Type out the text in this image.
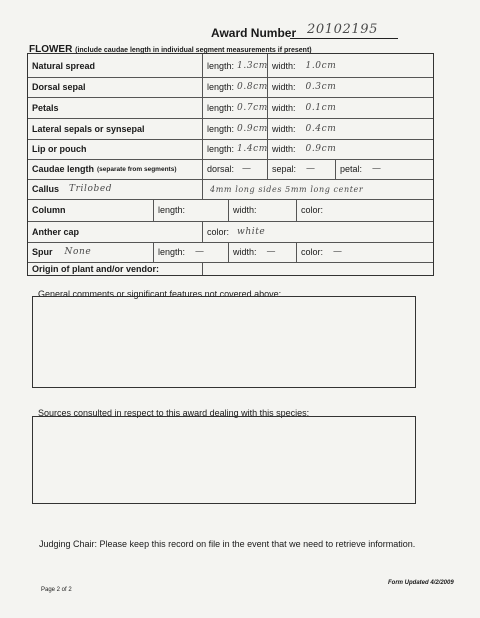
Award Number 20102195
FLOWER (include caudae length in individual segment measurements if present)
Natural spread	length: 1.3cm width: 1.0cm
Dorsal sepal	length: 0.8cm width: 0.3cm
Petals	length: 0.7cm width: 0.1cm
Lateral sepals or synsepal	length: 0.9cm width: 0.4cm
Lip or pouch	length: 1.4cm width: 0.9cm
Caudae length (separate from segments)	dorsal: — sepal: —	petal: —
Callus Trilobed	4mm long sides 5mm long center
Column	length:	width:	color:
Anther cap	color: white
Spur None	length: —	width: —	color: —
Origin of plant and/or vendor:
General comments or significant features not covered above:
Sources consulted in respect to this award dealing with this species:
Judging Chair: Please keep this record on file in the event that we need to retrieve information.
Page 2 of 2
Form Updated 4/2/2009
